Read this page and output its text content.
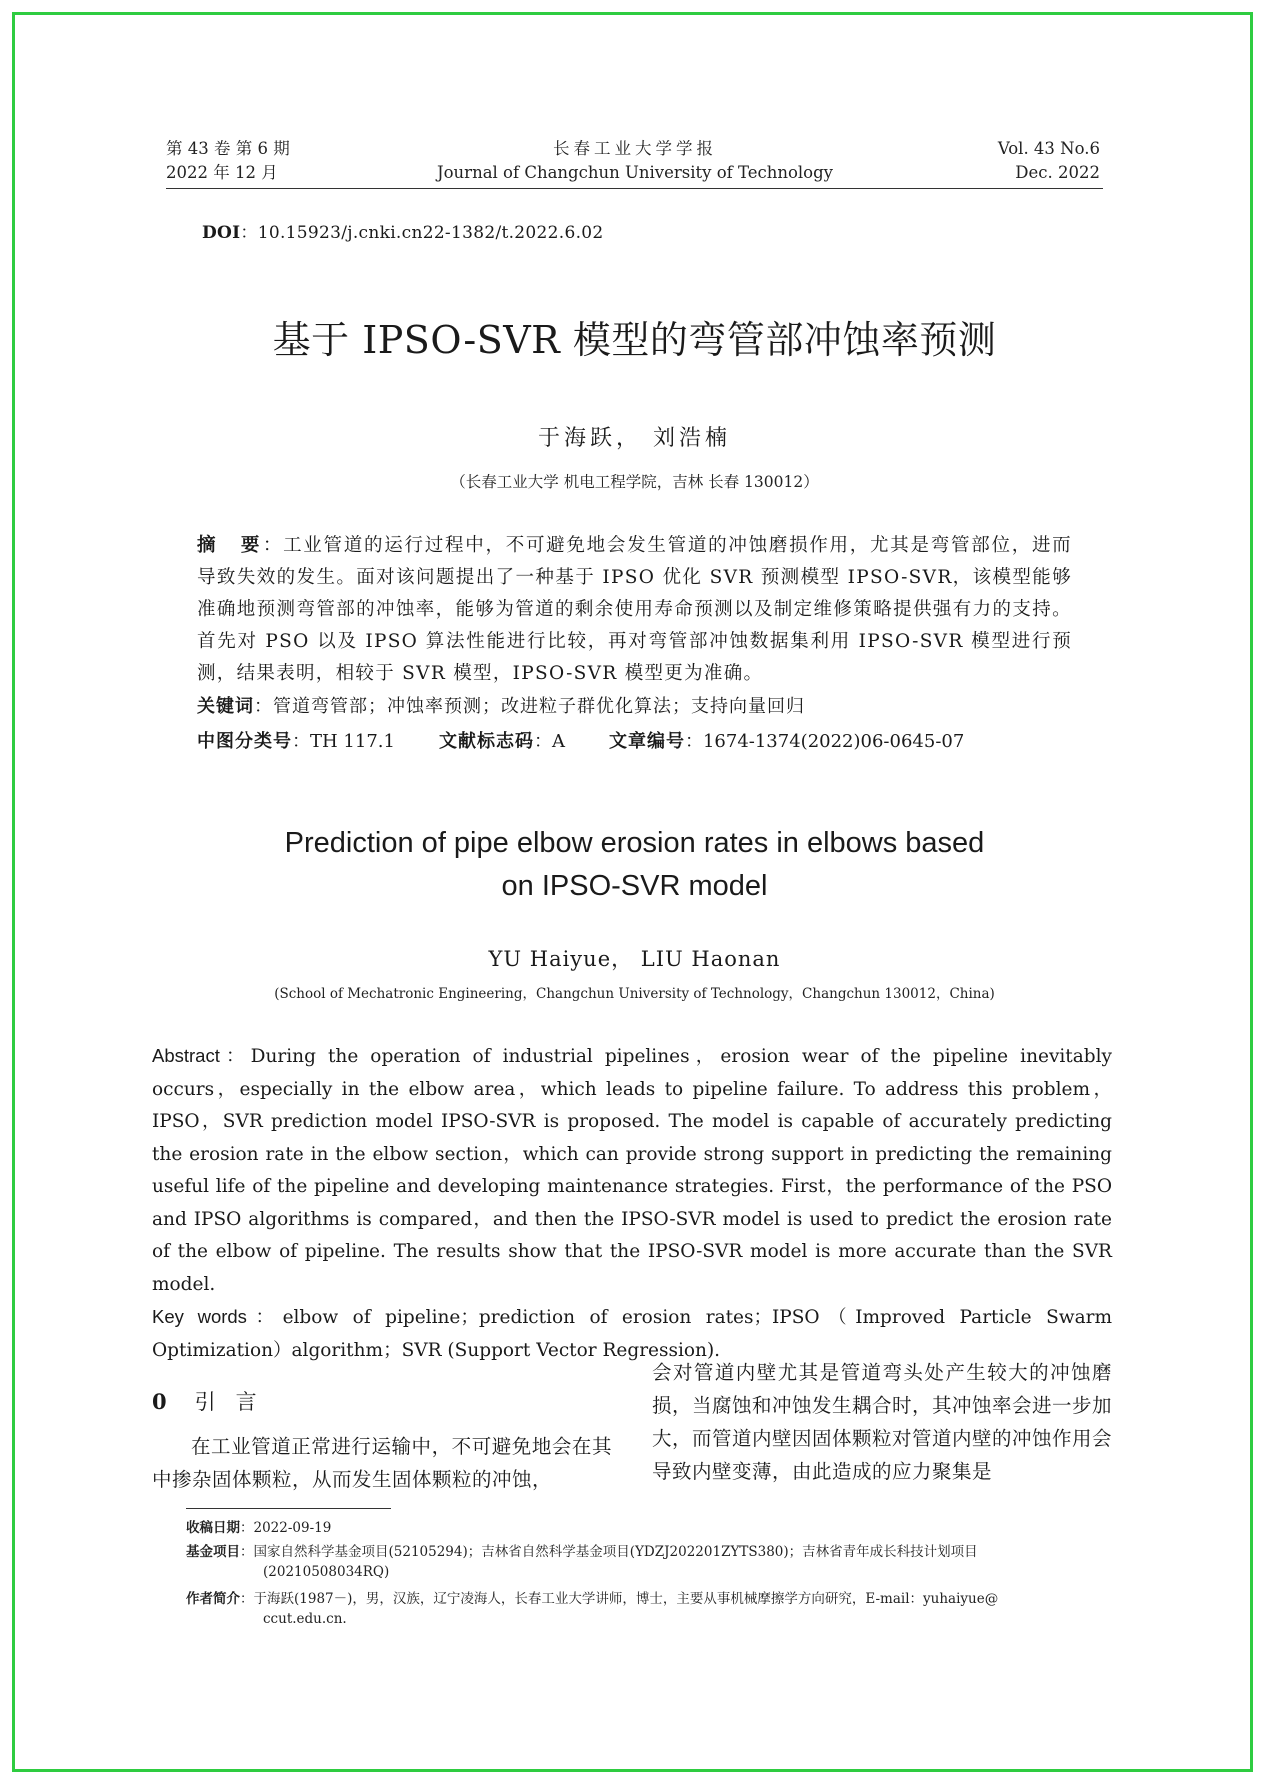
第 43 卷 第 6 期
2022 年 12 月
长春工业大学学报
Journal of Changchun University of Technology
Vol. 43 No.6
Dec. 2022
DOI：10.15923/j.cnki.cn22-1382/t.2022.6.02
基于 IPSO-SVR 模型的弯管部冲蚀率预测
于海跃， 刘浩楠
（长春工业大学 机电工程学院，吉林 长春 130012）
摘　要：工业管道的运行过程中，不可避免地会发生管道的冲蚀磨损作用，尤其是弯管部位，进而导致失效的发生。面对该问题提出了一种基于 IPSO 优化 SVR 预测模型 IPSO-SVR，该模型能够准确地预测弯管部的冲蚀率，能够为管道的剩余使用寿命预测以及制定维修策略提供强有力的支持。首先对 PSO 以及 IPSO 算法性能进行比较，再对弯管部冲蚀数据集利用 IPSO-SVR 模型进行预测，结果表明，相较于 SVR 模型，IPSO-SVR 模型更为准确。
关键词：管道弯管部；冲蚀率预测；改进粒子群优化算法；支持向量回归
中图分类号：TH 117.1 文献标志码：A 文章编号：1674-1374(2022)06-0645-07
Prediction of pipe elbow erosion rates in elbows based
on IPSO-SVR model
YU Haiyue， LIU Haonan
(School of Mechatronic Engineering，Changchun University of Technology，Changchun 130012，China)
Abstract：During the operation of industrial pipelines，erosion wear of the pipeline inevitably occurs，especially in the elbow area，which leads to pipeline failure. To address this problem，IPSO，SVR prediction model IPSO-SVR is proposed. The model is capable of accurately predicting the erosion rate in the elbow section，which can provide strong support in predicting the remaining useful life of the pipeline and developing maintenance strategies. First，the performance of the PSO and IPSO algorithms is compared，and then the IPSO-SVR model is used to predict the erosion rate of the elbow of pipeline. The results show that the IPSO-SVR model is more accurate than the SVR model.
Key words：elbow of pipeline；prediction of erosion rates；IPSO（Improved Particle Swarm Optimization）algorithm；SVR (Support Vector Regression).
0 引言
在工业管道正常进行运输中，不可避免地会在其中掺杂固体颗粒，从而发生固体颗粒的冲蚀，
会对管道内壁尤其是管道弯头处产生较大的冲蚀磨损，当腐蚀和冲蚀发生耦合时，其冲蚀率会进一步加大，而管道内壁因固体颗粒对管道内壁的冲蚀作用会导致内壁变薄，由此造成的应力聚集是
收稿日期：2022-09-19
基金项目：国家自然科学基金项目(52105294)；吉林省自然科学基金项目(YDZJ202201ZYTS380)；吉林省青年成长科技计划项目
(20210508034RQ)
作者简介：于海跃(1987－)，男，汉族，辽宁凌海人，长春工业大学讲师，博士，主要从事机械摩擦学方向研究，E-mail：yuhaiyue@
ccut.edu.cn.
